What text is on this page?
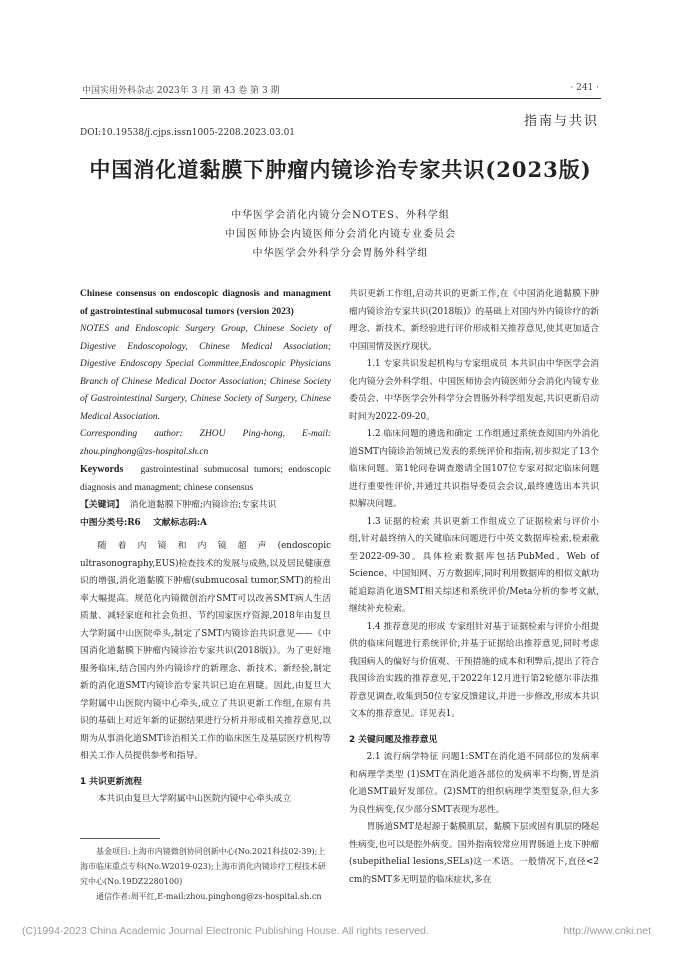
中国实用外科杂志 2023年 3 月 第 43 卷 第 3 期	· 241 ·
指南与共识
DOI:10.19538/j.cjps.issn1005-2208.2023.03.01
中国消化道黏膜下肿瘤内镜诊治专家共识(2023版)
中华医学会消化内镜分会NOTES、外科学组
中国医师协会内镜医师分会消化内镜专业委员会
中华医学会外科学分会胃肠外科学组

Chinese consensus on endoscopic diagnosis and managment of gastrointestinal submucosal tumors (version 2023)

NOTES and Endoscopic Surgery Group, Chinese Society of Digestive Endoscopology, Chinese Medical Association; Digestive Endoscopy Special Committee,Endoscopic Physicians Branch of Chinese Medical Doctor Association; Chinese Society of Gastrointestinal Surgery, Chinese Society of Surgery, Chinese Medical Association.

Corresponding author: ZHOU Ping-hong, E-mail: zhou.pinghong@zs-hospital.sh.cn

Keywords gastrointestinal submucosal tumors; endoscopic diagnosis and managment; chinese consensus

【关键词】 消化道黏膜下肿瘤;内镜诊治;专家共识

中图分类号:R6 文献标志码:A

随着内镜和内镜超声(endoscopic ultrasonography,EUS)检查技术的发展与成熟,以及居民健康意识的增强,消化道黏膜下肿瘤(submucosal tumor,SMT)的检出率大幅提高。规范化内镜微创治疗SMT可以改善SMT病人生活质量、减轻家庭和社会负担、节约国家医疗资源,2018年由复旦大学附属中山医院牵头,制定了SMT内镜诊治共识意见——《中国消化道黏膜下肿瘤内镜诊治专家共识(2018版)》。为了更好地服务临床,结合国内外内镜诊疗的新理念、新技术、新经验,制定新的消化道SMT内镜诊治专家共识已迫在眉睫。因此,由复旦大学附属中山医院内镜中心牵头,成立了共识更新工作组,在原有共识的基础上对近年新的证据结果进行分析并形成相关推荐意见,以期为从事消化道SMT诊治相关工作的临床医生及基层医疗机构等相关工作人员提供参考和指导。

1 共识更新流程

本共识由复旦大学附属中山医院内镜中心牵头成立

基金项目:上海市内镜微创协同创新中心(No.2021科技02-39);上海市临床重点专科(No.W2019-023);上海市消化内镜诊疗工程技术研究中心(No.19DZ2280100)

通信作者:周平红,E-mail:zhou.pinghong@zs-hospital.sh.cn

共识更新工作组,启动共识的更新工作,在《中国消化道黏膜下肿瘤内镜诊治专家共识(2018版)》的基础上对国内外内镜诊疗的新理念、新技术、新经验进行评价形成相关推荐意见,使其更加适合中国国情及医疗现状。

1.1 专家共识发起机构与专家组成员 本共识由中华医学会消化内镜分会外科学组、中国医师协会内镜医师分会消化内镜专业委员会、中华医学会外科学分会胃肠外科学组发起,共识更新启动时间为2022-09-20。

1.2 临床问题的遴选和确定 工作组通过系统查阅国内外消化道SMT内镜诊治领域已发表的系统评价和指南,初步拟定了13个临床问题。第1轮问卷调查邀请全国107位专家对拟定临床问题进行重要性评价,并通过共识指导委员会会议,最终遴选出本共识拟解决问题。

1.3 证据的检索 共识更新工作组成立了证据检索与评价小组,针对最终纳入的关键临床问题进行中英文数据库检索,检索截至2022-09-30。具体检索数据库包括PubMed、Web of Science、中国知网、万方数据库,同时利用数据库的相似文献功能追踪消化道SMT相关综述和系统评价/Meta分析的参考文献,继续补充检索。

1.4 推荐意见的形成 专家组针对基于证据检索与评价小组提供的临床问题进行系统评价,并基于证据给出推荐意见,同时考虑我国病人的偏好与价值观、干预措施的成本和利弊后,提出了符合我国诊治实践的推荐意见,于2022年12月进行第2轮德尔菲法推荐意见调查,收集到50位专家反馈建议,并进一步修改,形成本共识文本的推荐意见。详见表1。

2 关键问题及推荐意见

2.1 流行病学特征 问题1:SMT在消化道不同部位的发病率和病理学类型 (1)SMT在消化道各部位的发病率不均衡,胃是消化道SMT最好发部位。(2)SMT的组织病理学类型复杂,但大多为良性病变,仅少部分SMT表现为恶性。

胃肠道SMT是起源于黏膜肌层、黏膜下层或固有肌层的隆起性病变,也可以是腔外病变。国外指南较常应用胃肠道上皮下肿瘤(subepithelial lesions,SELs)这一术语。一般情况下,直径<2 cm的SMT多无明显的临床症状,多在

(C)1994-2023 China Academic Journal Electronic Publishing House. All rights reserved.	http://www.cnki.net
